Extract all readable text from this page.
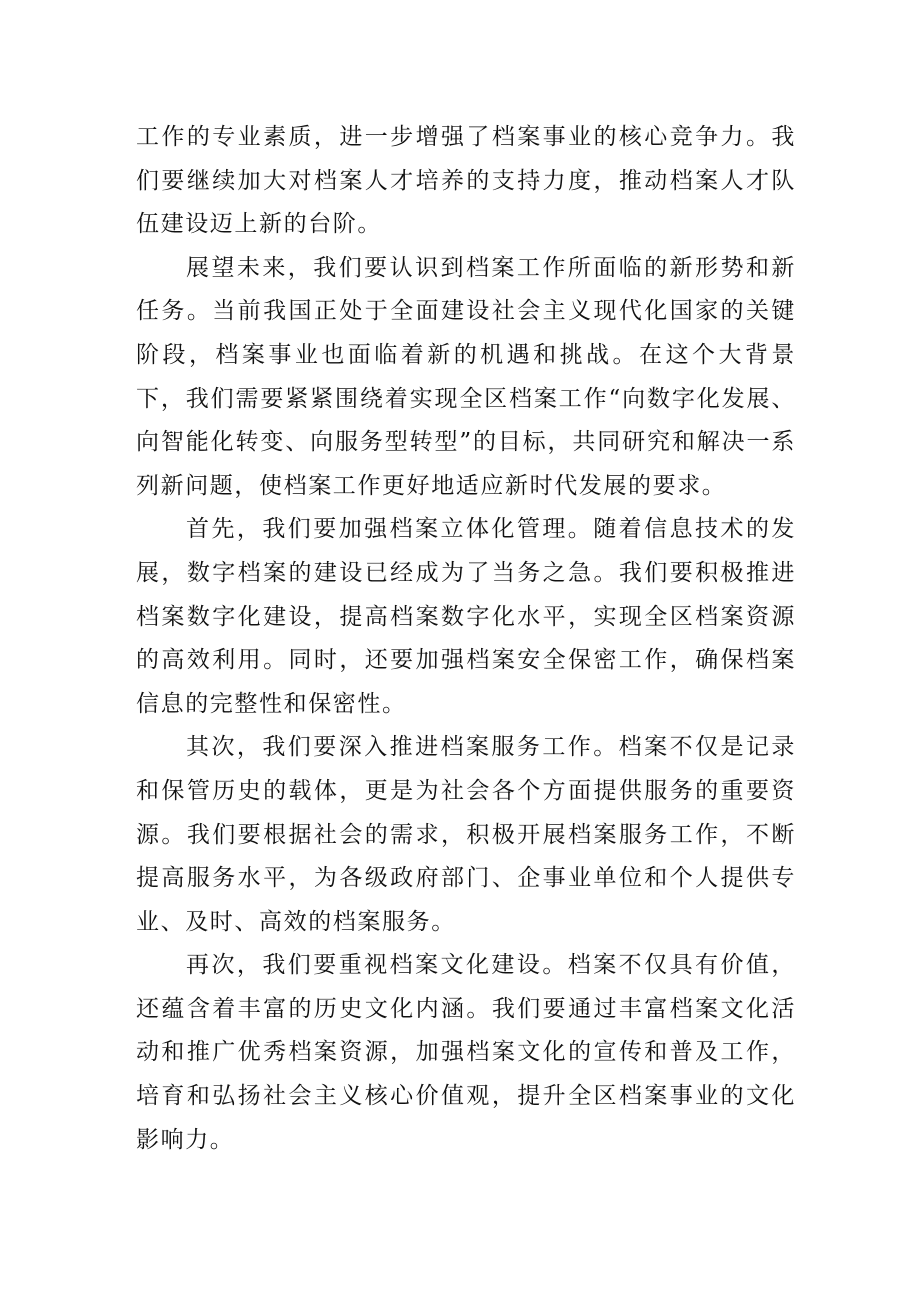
工作的专业素质，进一步增强了档案事业的核心竞争力。我们要继续加大对档案人才培养的支持力度，推动档案人才队伍建设迈上新的台阶。

展望未来，我们要认识到档案工作所面临的新形势和新任务。当前我国正处于全面建设社会主义现代化国家的关键阶段，档案事业也面临着新的机遇和挑战。在这个大背景下，我们需要紧紧围绕着实现全区档案工作“向数字化发展、向智能化转变、向服务型转型”的目标，共同研究和解决一系列新问题，使档案工作更好地适应新时代发展的要求。

首先，我们要加强档案立体化管理。随着信息技术的发展，数字档案的建设已经成为了当务之急。我们要积极推进档案数字化建设，提高档案数字化水平，实现全区档案资源的高效利用。同时，还要加强档案安全保密工作，确保档案信息的完整性和保密性。

其次，我们要深入推进档案服务工作。档案不仅是记录和保管历史的载体，更是为社会各个方面提供服务的重要资源。我们要根据社会的需求，积极开展档案服务工作，不断提高服务水平，为各级政府部门、企事业单位和个人提供专业、及时、高效的档案服务。

再次，我们要重视档案文化建设。档案不仅具有价值，还蕴含着丰富的历史文化内涵。我们要通过丰富档案文化活动和推广优秀档案资源，加强档案文化的宣传和普及工作，培育和弘扬社会主义核心价值观，提升全区档案事业的文化影响力。
